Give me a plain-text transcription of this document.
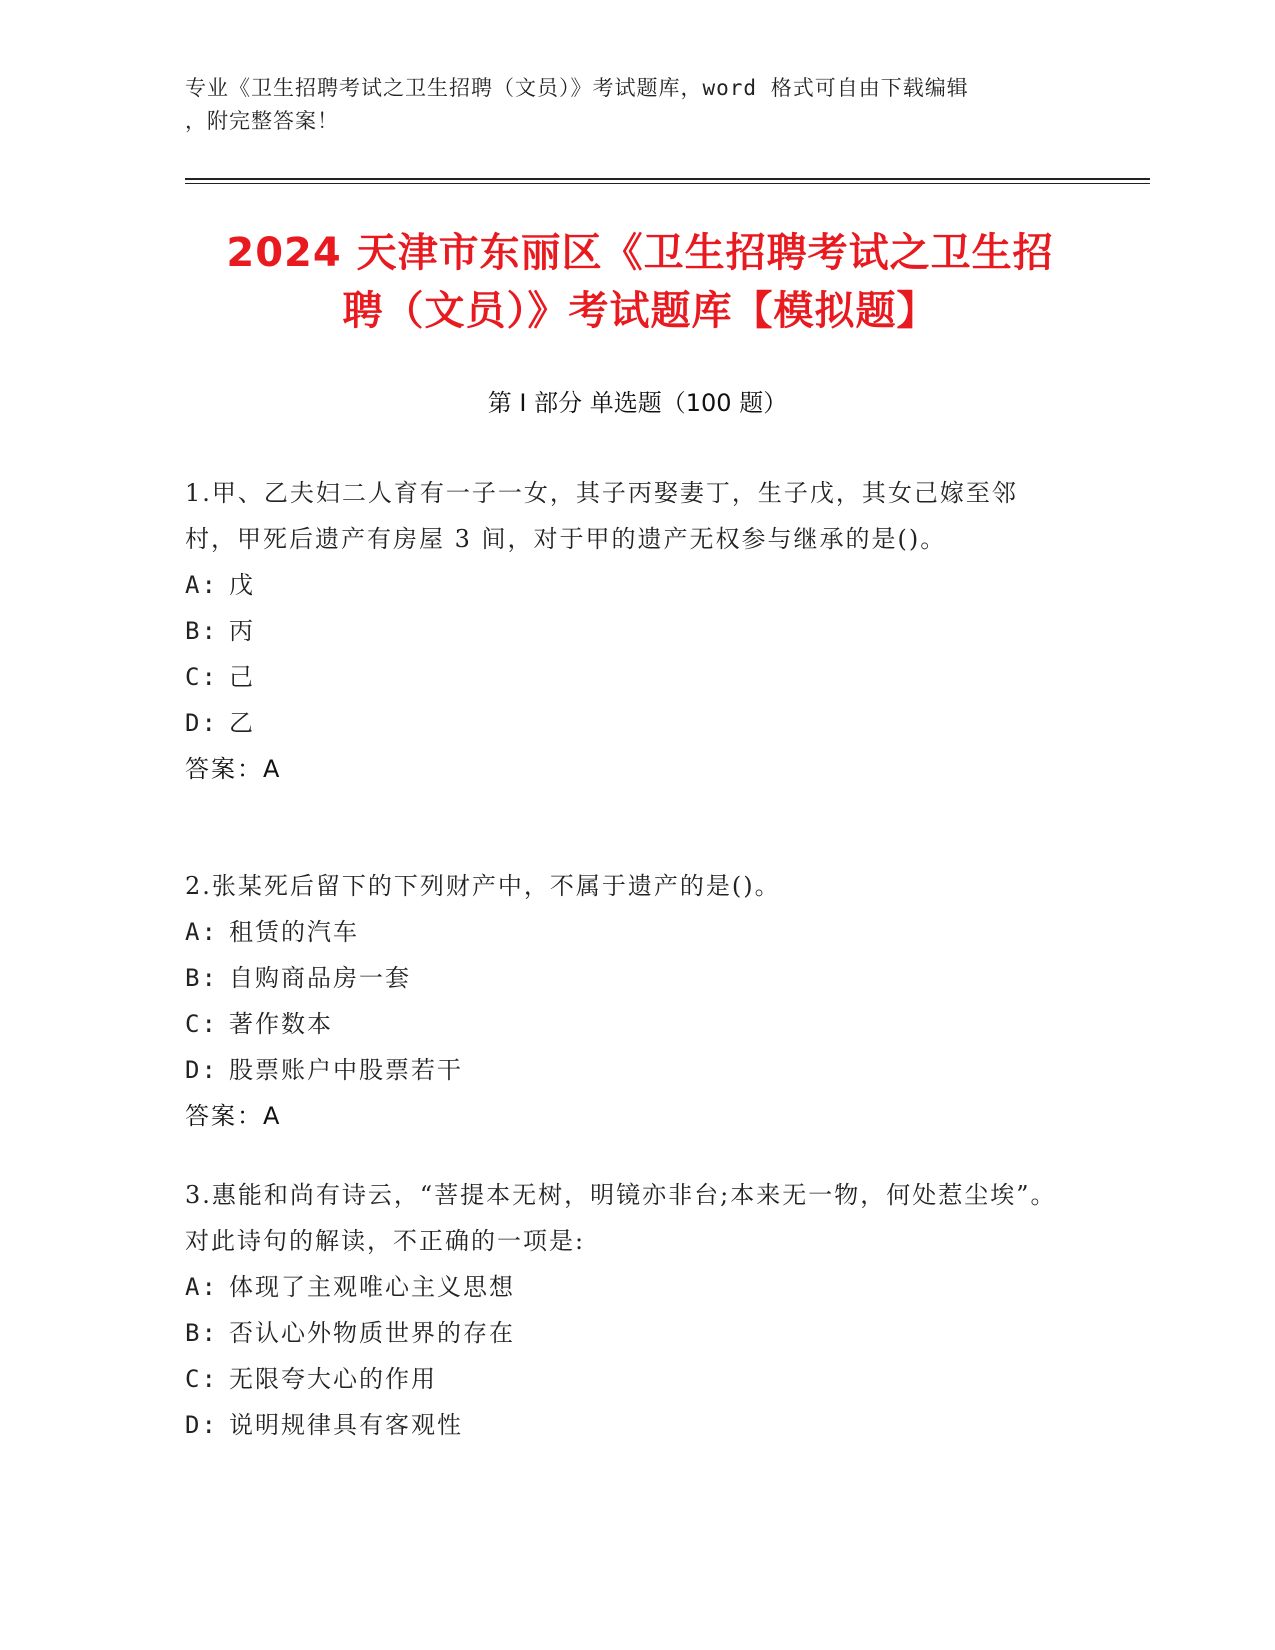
专业《卫生招聘考试之卫生招聘（文员）》考试题库，word 格式可自由下载编辑
，附完整答案！
2024 天津市东丽区《卫生招聘考试之卫生招
聘（文员）》考试题库【模拟题】
第 I 部分 单选题（100 题）

1.甲、乙夫妇二人育有一子一女，其子丙娶妻丁，生子戊，其女己嫁至邻村，甲死后遗产有房屋 3 间，对于甲的遗产无权参与继承的是()。

A: 戊

B: 丙

C: 己

D: 乙

答案：A

2.张某死后留下的下列财产中，不属于遗产的是()。

A: 租赁的汽车

B: 自购商品房一套

C: 著作数本

D: 股票账户中股票若干

答案：A

3.惠能和尚有诗云，“菩提本无树，明镜亦非台;本来无一物，何处惹尘埃”。对此诗句的解读，不正确的一项是:

A: 体现了主观唯心主义思想

B: 否认心外物质世界的存在

C: 无限夸大心的作用

D: 说明规律具有客观性
